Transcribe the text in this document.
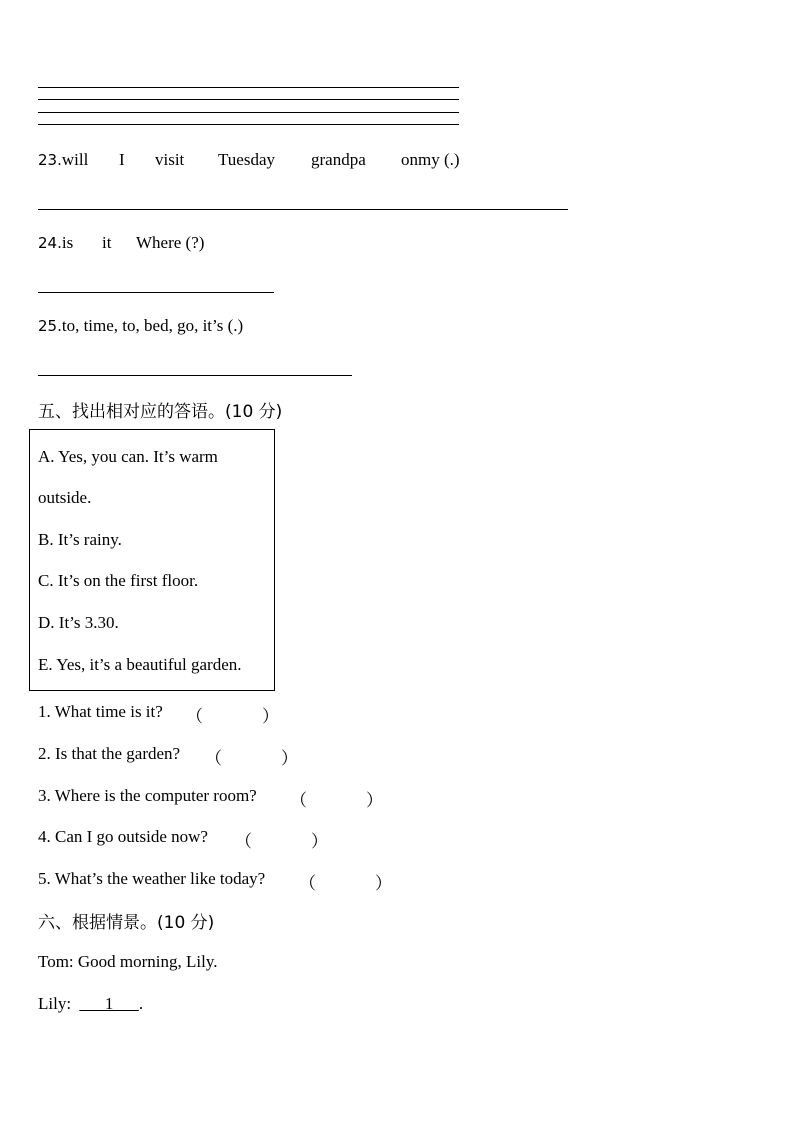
23.will I visit Tuesday grandpa onmy (.)
24.is it Where (?)
25.to, time, to, bed, go, it’s (.)
五、找出相对应的答语。(10 分)
A. Yes, you can. It’s warm
outside.
B. It’s rainy.
C. It’s on the first floor.
D. It’s 3.30.
E. Yes, it’s a beautiful garden.
1. What time is it? （	）
2. Is that the garden? （	）
3. Where is the computer room? （	）
4. Can I go outside now? （	）
5. What’s the weather like today? （	）
六、根据情景。(10 分)
Tom: Good morning, Lily.
Lily:       1      .
